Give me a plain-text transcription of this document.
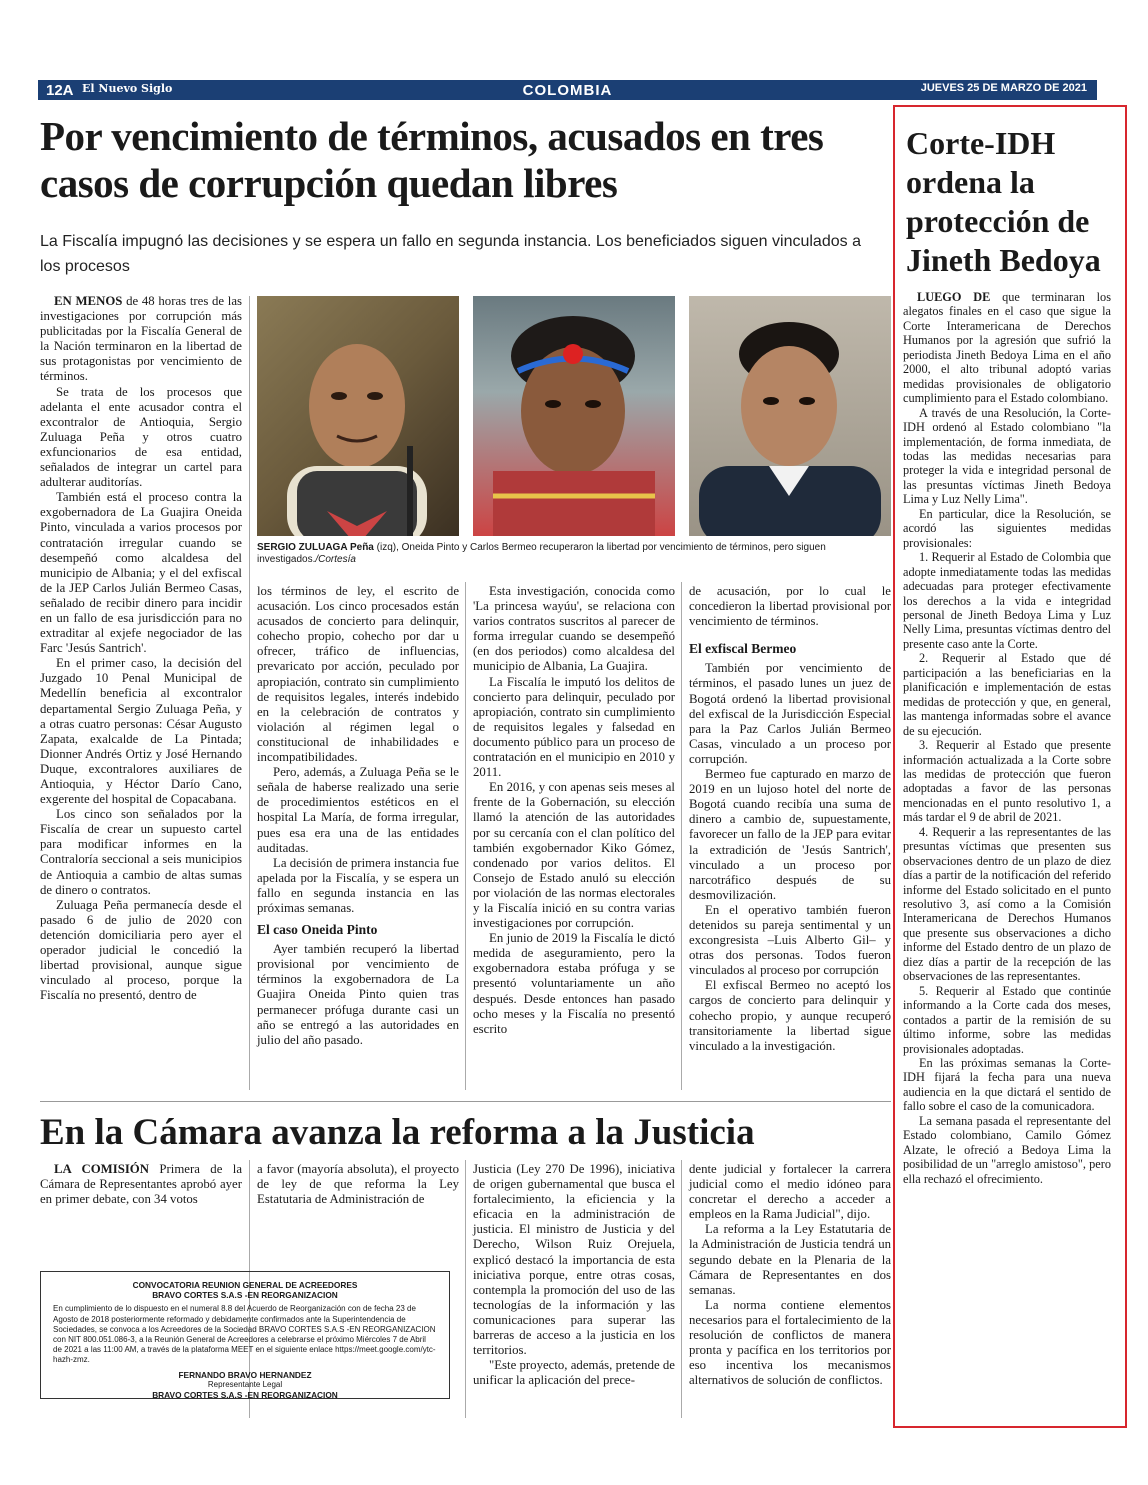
12A El Nuevo Siglo	COLOMBIA	JUEVES 25 DE MARZO DE 2021
Por vencimiento de términos, acusados en tres casos de corrupción quedan libres
La Fiscalía impugnó las decisiones y se espera un fallo en segunda instancia. Los beneficiados siguen vinculados a los procesos

EN MENOS de 48 horas tres de las investigaciones por corrupción más publicitadas por la Fiscalía General de la Nación terminaron en la libertad de sus protagonistas por vencimiento de términos.

Se trata de los procesos que adelanta el ente acusador contra el excontralor de Antioquia, Sergio Zuluaga Peña y otros cuatro exfuncionarios de esa entidad, señalados de integrar un cartel para adulterar auditorías.

También está el proceso contra la exgobernadora de La Guajira Oneida Pinto, vinculada a varios procesos por contratación irregular cuando se desempeñó como alcaldesa del municipio de Albania; y el del exfiscal de la JEP Carlos Julián Bermeo Casas, señalado de recibir dinero para incidir en un fallo de esa jurisdicción para no extraditar al exjefe negociador de las Farc 'Jesús Santrich'.

En el primer caso, la decisión del Juzgado 10 Penal Municipal de Medellín beneficia al excontralor departamental Sergio Zuluaga Peña, y a otras cuatro personas: César Augusto Zapata, exalcalde de La Pintada; Dionner Andrés Ortiz y José Hernando Duque, excontralores auxiliares de Antioquia, y Héctor Darío Cano, exgerente del hospital de Copacabana.

Los cinco son señalados por la Fiscalía de crear un supuesto cartel para modificar informes en la Contraloría seccional a seis municipios de Antioquia a cambio de altas sumas de dinero o contratos.

Zuluaga Peña permanecía desde el pasado 6 de julio de 2020 con detención domiciliaria pero ayer el operador judicial le concedió la libertad provisional, aunque sigue vinculado al proceso, porque la Fiscalía no presentó, dentro de

SERGIO ZULUAGA Peña (izq), Oneida Pinto y Carlos Bermeo recuperaron la libertad por vencimiento de términos, pero siguen investigados./Cortesía

los términos de ley, el escrito de acusación. Los cinco procesados están acusados de concierto para delinquir, cohecho propio, cohecho por dar u ofrecer, tráfico de influencias, prevaricato por acción, peculado por apropiación, contrato sin cumplimiento de requisitos legales, interés indebido en la celebración de contratos y violación al régimen legal o constitucional de inhabilidades e incompatibilidades.

Pero, además, a Zuluaga Peña se le señala de haberse realizado una serie de procedimientos estéticos en el hospital La María, de forma irregular, pues esa era una de las entidades auditadas.

La decisión de primera instancia fue apelada por la Fiscalía, y se espera un fallo en segunda instancia en las próximas semanas.

El caso Oneida Pinto

Ayer también recuperó la libertad provisional por vencimiento de términos la exgobernadora de La Guajira Oneida Pinto quien tras permanecer prófuga durante casi un año se entregó a las autoridades en julio del año pasado.

Esta investigación, conocida como 'La princesa wayúu', se relaciona con varios contratos suscritos al parecer de forma irregular cuando se desempeñó (en dos periodos) como alcaldesa del municipio de Albania, La Guajira.

La Fiscalía le imputó los delitos de concierto para delinquir, peculado por apropiación, contrato sin cumplimiento de requisitos legales y falsedad en documento público para un proceso de contratación en el municipio en 2010 y 2011.

En 2016, y con apenas seis meses al frente de la Gobernación, su elección llamó la atención de las autoridades por su cercanía con el clan político del también exgobernador Kiko Gómez, condenado por varios delitos. El Consejo de Estado anuló su elección por violación de las normas electorales y la Fiscalía inició en su contra varias investigaciones por corrupción.

En junio de 2019 la Fiscalía le dictó medida de aseguramiento, pero la exgobernadora estaba prófuga y se presentó voluntariamente un año después. Desde entonces han pasado ocho meses y la Fiscalía no presentó escrito

de acusación, por lo cual le concedieron la libertad provisional por vencimiento de términos.

El exfiscal Bermeo

También por vencimiento de términos, el pasado lunes un juez de Bogotá ordenó la libertad provisional del exfiscal de la Jurisdicción Especial para la Paz Carlos Julián Bermeo Casas, vinculado a un proceso por corrupción.

Bermeo fue capturado en marzo de 2019 en un lujoso hotel del norte de Bogotá cuando recibía una suma de dinero a cambio de, supuestamente, favorecer un fallo de la JEP para evitar la extradición de 'Jesús Santrich', vinculado a un proceso por narcotráfico después de su desmovilización.

En el operativo también fueron detenidos su pareja sentimental y un excongresista –Luis Alberto Gil– y otras dos personas. Todos fueron vinculados al proceso por corrupción

El exfiscal Bermeo no aceptó los cargos de concierto para delinquir y cohecho propio, y aunque recuperó transitoriamente la libertad sigue vinculado a la investigación.

Corte-IDH ordena la protección de Jineth Bedoya

LUEGO DE que terminaran los alegatos finales en el caso que sigue la Corte Interamericana de Derechos Humanos por la agresión que sufrió la periodista Jineth Bedoya Lima en el año 2000, el alto tribunal adoptó varias medidas provisionales de obligatorio cumplimiento para el Estado colombiano.

A través de una Resolución, la Corte-IDH ordenó al Estado colombiano "la implementación, de forma inmediata, de todas las medidas necesarias para proteger la vida e integridad personal de las presuntas víctimas Jineth Bedoya Lima y Luz Nelly Lima".

En particular, dice la Resolución, se acordó las siguientes medidas provisionales:

1. Requerir al Estado de Colombia que adopte inmediatamente todas las medidas adecuadas para proteger efectivamente los derechos a la vida e integridad personal de Jineth Bedoya Lima y Luz Nelly Lima, presuntas víctimas dentro del presente caso ante la Corte.

2. Requerir al Estado que dé participación a las beneficiarias en la planificación e implementación de estas medidas de protección y que, en general, las mantenga informadas sobre el avance de su ejecución.

3. Requerir al Estado que presente información actualizada a la Corte sobre las medidas de protección que fueron adoptadas a favor de las personas mencionadas en el punto resolutivo 1, a más tardar el 9 de abril de 2021.

4. Requerir a las representantes de las presuntas víctimas que presenten sus observaciones dentro de un plazo de diez días a partir de la notificación del referido informe del Estado solicitado en el punto resolutivo 3, así como a la Comisión Interamericana de Derechos Humanos que presente sus observaciones a dicho informe del Estado dentro de un plazo de diez días a partir de la recepción de las observaciones de las representantes.

5. Requerir al Estado que continúe informando a la Corte cada dos meses, contados a partir de la remisión de su último informe, sobre las medidas provisionales adoptadas.

En las próximas semanas la Corte-IDH fijará la fecha para una nueva audiencia en la que dictará el sentido de fallo sobre el caso de la comunicadora.

La semana pasada el representante del Estado colombiano, Camilo Gómez Alzate, le ofreció a Bedoya Lima la posibilidad de un "arreglo amistoso", pero ella rechazó el ofrecimiento.

En la Cámara avanza la reforma a la Justicia

LA COMISIÓN Primera de la Cámara de Representantes aprobó ayer en primer debate, con 34 votos

a favor (mayoría absoluta), el proyecto de ley de que reforma la Ley Estatutaria de Administración de

Justicia (Ley 270 De 1996), iniciativa de origen gubernamental que busca el fortalecimiento, la eficiencia y la eficacia en la administración de justicia. El ministro de Justicia y del Derecho, Wilson Ruiz Orejuela, explicó destacó la importancia de esta iniciativa porque, entre otras cosas, contempla la promoción del uso de las tecnologías de la información y las comunicaciones para superar las barreras de acceso a la justicia en los territorios.

"Este proyecto, además, pretende de unificar la aplicación del prece-

dente judicial y fortalecer la carrera judicial como el medio idóneo para concretar el derecho a acceder a empleos en la Rama Judicial", dijo.

La reforma a la Ley Estatutaria de la Administración de Justicia tendrá un segundo debate en la Plenaria de la Cámara de Representantes en dos semanas.

La norma contiene elementos necesarios para el fortalecimiento de la resolución de conflictos de manera pronta y pacífica en los territorios por eso incentiva los mecanismos alternativos de solución de conflictos.

CONVOCATORIA REUNION GENERAL DE ACREEDORES
BRAVO CORTES S.A.S -EN REORGANIZACION
En cumplimiento de lo dispuesto en el numeral 8.8 del Acuerdo de Reorganización con de fecha 23 de Agosto de 2018 posteriormente reformado y debidamente confirmados ante la Superintendencia de Sociedades, se convoca a los Acreedores de la Sociedad BRAVO CORTES S.A.S -EN REORGANIZACION con NIT 800.051.086-3, a la Reunión General de Acreedores a celebrarse el próximo Miércoles 7 de Abril de 2021 a las 11:00 AM, a través de la plataforma MEET en el siguiente enlace https://meet.google.com/ytc-hazh-zmz.
FERNANDO BRAVO HERNANDEZ
Representante Legal
BRAVO CORTES S.A.S -EN REORGANIZACION
